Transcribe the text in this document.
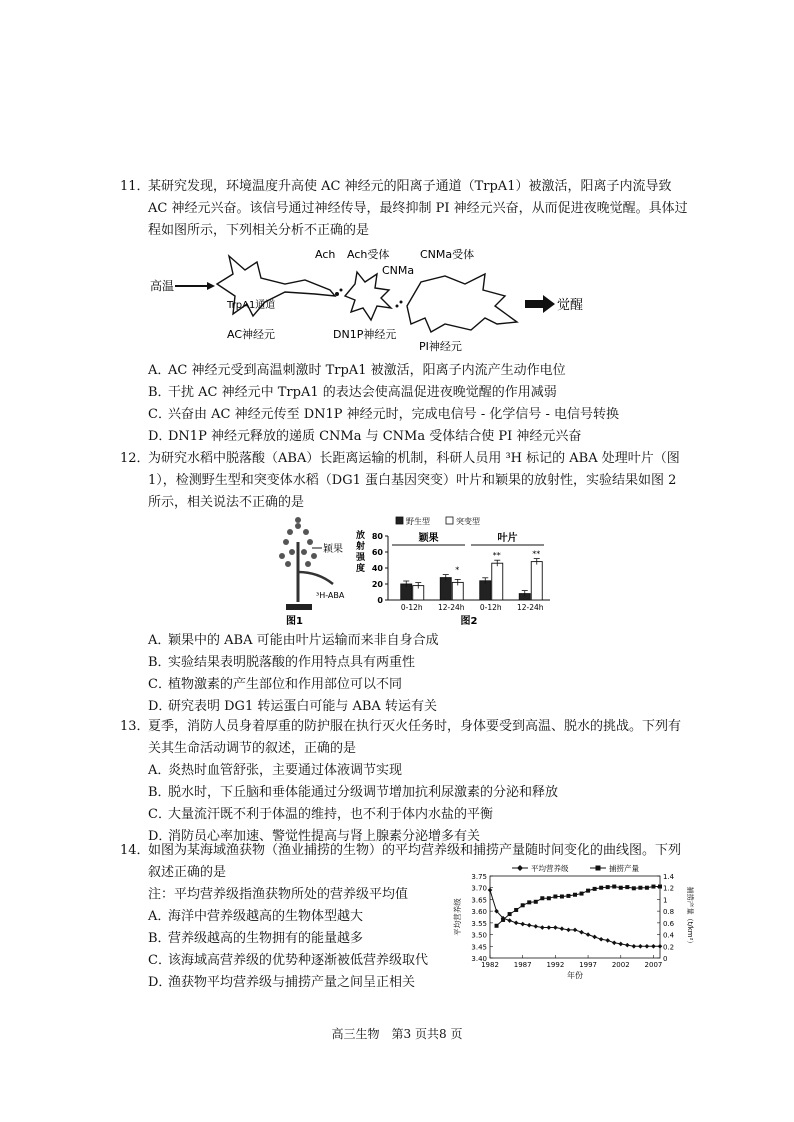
11．
某研究发现，环境温度升高使 AC 神经元的阳离子通道（TrpA1）被激活，阳离子内流导致 AC 神经元兴奋。该信号通过神经传导，最终抑制 PI 神经元兴奋，从而促进夜晚觉醒。具体过程如图所示，下列相关分析不正确的是
高温
TrpA1通道
AC神经元
Ach Ach受体
CNMa
CNMa受体
DN1P神经元
PI神经元
觉醒
A．AC 神经元受到高温刺激时 TrpA1 被激活，阳离子内流产生动作电位
B．干扰 AC 神经元中 TrpA1 的表达会使高温促进夜晚觉醒的作用减弱
C．兴奋由 AC 神经元传至 DN1P 神经元时，完成电信号 - 化学信号 - 电信号转换
D．DN1P 神经元释放的递质 CNMa 与 CNMa 受体结合使 PI 神经元兴奋
12．
为研究水稻中脱落酸（ABA）长距离运输的机制，科研人员用 ³H 标记的 ABA 处理叶片（图 1），检测野生型和突变体水稻（DG1 蛋白基因突变）叶片和颖果的放射性，实验结果如图 2 所示，相关说法不正确的是
颖果
³H-ABA
图1
0
20
40
60
80
放
射
强
度
野生型	突变型
颖果	叶片
0-12h
*
12-24h
**
0-12h
**
12-24h
图2
A．颖果中的 ABA 可能由叶片运输而来非自身合成
B．实验结果表明脱落酸的作用特点具有两重性
C．植物激素的产生部位和作用部位可以不同
D．研究表明 DG1 转运蛋白可能与 ABA 转运有关
13．
夏季，消防人员身着厚重的防护服在执行灭火任务时，身体要受到高温、脱水的挑战。下列有关其生命活动调节的叙述，正确的是
A．炎热时血管舒张，主要通过体液调节实现
B．脱水时，下丘脑和垂体能通过分级调节增加抗利尿激素的分泌和释放
C．大量流汗既不利于体温的维持，也不利于体内水盐的平衡
D．消防员心率加速、警觉性提高与肾上腺素分泌增多有关
14．
如图为某海域渔获物（渔业捕捞的生物）的平均营养级和捕捞产量随时间变化的曲线图。下列叙述正确的是
注：平均营养级指渔获物所处的营养级平均值
A．海洋中营养级越高的生物体型越大
B．营养级越高的生物拥有的能量越多
C．该海域高营养级的优势种逐渐被低营养级取代
D．渔获物平均营养级与捕捞产量之间呈正相关
3.40
3.45
3.50
3.55
3.60
3.65
3.70
3.75
0
0.2
0.4
0.6
0.8
1
1.2
1.4
1982 1987 1992 1997 2002 2007
年份
平均营养级	捕捞产量（t/km²）
平均营养级	捕捞产量
高三生物　第3 页共8 页
